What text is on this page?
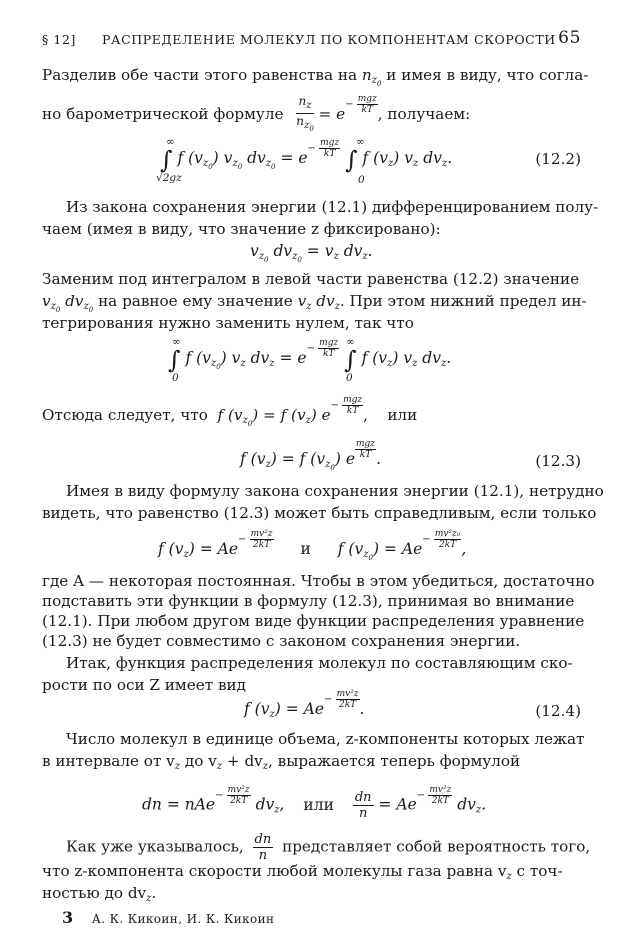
§ 12] РАСПРЕДЕЛЕНИЕ МОЛЕКУЛ ПО КОМПОНЕНТАМ СКОРОСТИ 65
Разделив обе части этого равенства на $n_{z_0}$ и имея в виду, что согла-
но барометрической формуле $\frac{n_z}{n_{z_0}} = e^{- \frac{\text{mgz}}{kT}}$ , получаем:
∫ f $(v_{z_0})$ $v_{z_0}$ $dv_{z_0} = e^{- \frac{\text{mgz}}{kT}}$ ∫ f $(v_z)$ $v_z$ $dv_z$.
∞
√2gz
∞
0
(12.2)
Из закона сохранения энергии (12.1) дифференцированием полу-
чаем (имея в виду, что значение z фиксировано):
$v_{z_0}$ $dv_{z_0} = v_z$ $dv_z$.
Заменим под интегралом в левой части равенства (12.2) значение
$v_{z_0}$ $dv_{z_0}$ на равное ему значение $v_z$ $dv_z$. При этом нижний предел ин-
тегрирования нужно заменить нулем, так что
∫ f $(v_{z_0})$ $v_z$ $dv_z = e^{- \frac{\text{mgz}}{kT}}$ ∫ f $(v_z)$ $v_z$ $dv_z$.
∞
0
∞
0
Отсюда следует, что f $(v_{z_0}) = f$ $(v_z)$ $e^{- \frac{\text{mgz}}{kT}}$ ,    или
f $(v_z) = f$ $(v_{z_0})$ e $^{\frac{\text{mgz}}{kT}}$ .	(12.3)
Имея в виду формулу закона сохранения энергии (12.1), нетрудно
видеть, что равенство (12.3) может быть справедливым, если только
f $(v_z) = Ae^{- \frac{\text{mv²z}}{2kT}}$ и f $(v_{z_0}) = Ae^{- \frac{\text{mv²z₀}}{2kT}}$ ,
где A — некоторая постоянная. Чтобы в этом убедиться, достаточно
подставить эти функции в формулу (12.3), принимая во внимание
(12.1). При любом другом виде функции распределения уравнение
(12.3) не будет совместимо с законом сохранения энергии.
Итак, функция распределения молекул по составляющим ско-
рости по оси Z имеет вид
f $(v_z) = Ae^{- \frac{\text{mv²z}}{2kT}}$ .	(12.4)
Число молекул в единице объема, z-компоненты которых лежат
в интервале от $v_z$ до $v_z + dv_z$, выражается теперь формулой
dn = nAe$^{- \frac{\text{mv²z}}{2kT}}$ $dv_z$, или $\frac{dn}{n} = Ae^{- \frac{\text{mv²z}}{2kT}}$ $dv_z$.
Как уже указывалось, $\frac{dn}{n}$ представляет собой вероятность того,
что z-компонента скорости любой молекулы газа равна $v_z$ с точ-
ностью до $dv_z$.
3 А. К. Кикоин, И. К. Кикоин
